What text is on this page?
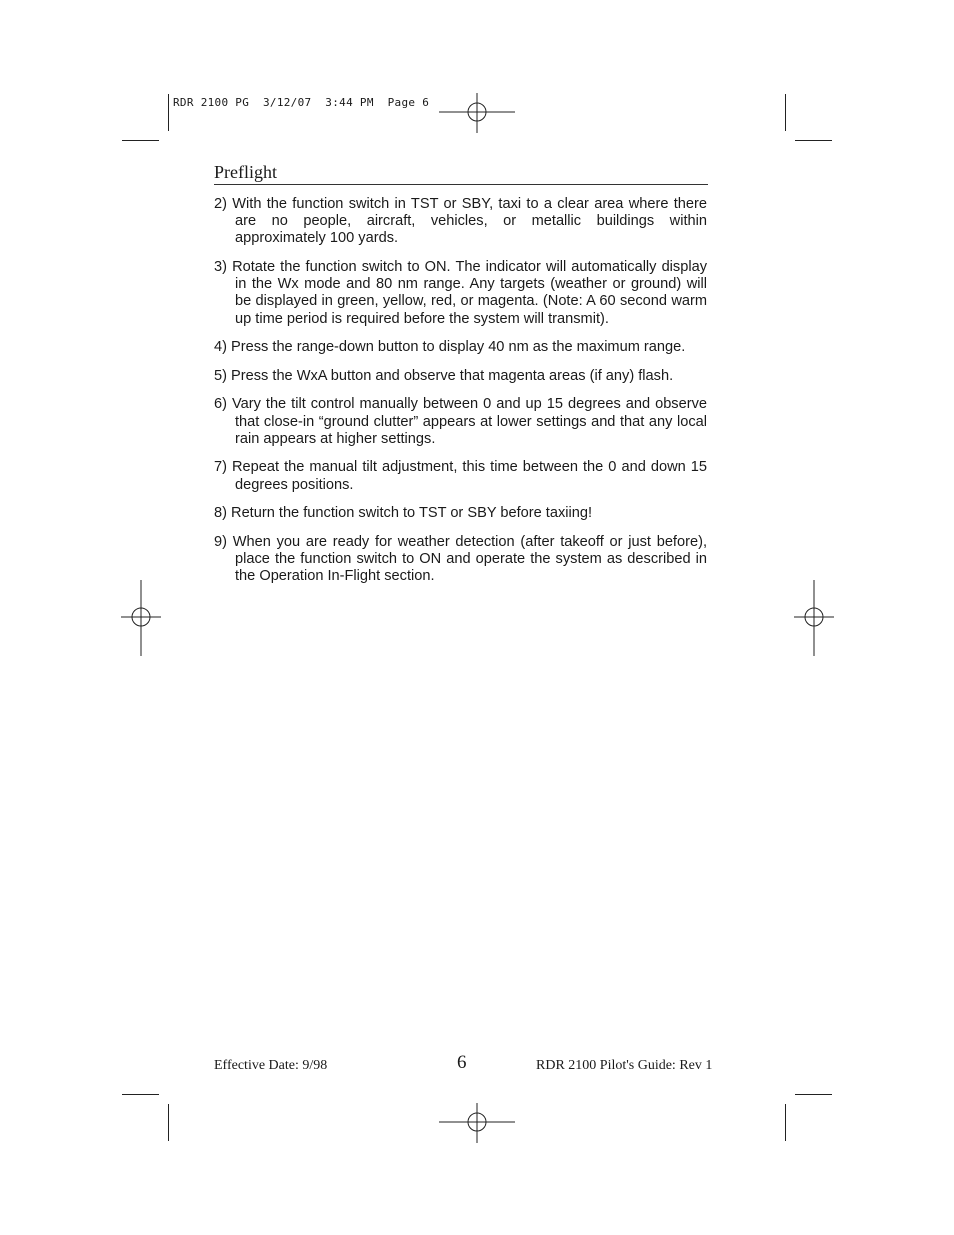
RDR 2100 PG  3/12/07  3:44 PM  Page 6
Preflight
2) With the function switch in TST or SBY, taxi to a clear area where there are no people, aircraft, vehicles, or metallic buildings within approximately 100 yards.
3) Rotate the function switch to ON. The indicator will automatically display in the Wx mode and 80 nm range. Any targets (weather or ground) will be displayed in green, yellow, red, or magenta. (Note: A 60 second warm up time period is required before the system will transmit).
4) Press the range-down button to display 40 nm as the maximum range.
5) Press the WxA button and observe that magenta areas (if any) flash.
6) Vary the tilt control manually between 0 and up 15 degrees and observe that close-in “ground clutter” appears at lower settings and that any local rain appears at higher settings.
7) Repeat the manual tilt adjustment, this time between the 0 and down 15 degrees positions.
8) Return the function switch to TST or SBY before taxiing!
9) When you are ready for weather detection (after takeoff or just before), place the function switch to ON and operate the system as described in the Operation In-Flight section.
Effective Date: 9/98	6	RDR 2100 Pilot's Guide: Rev 1
